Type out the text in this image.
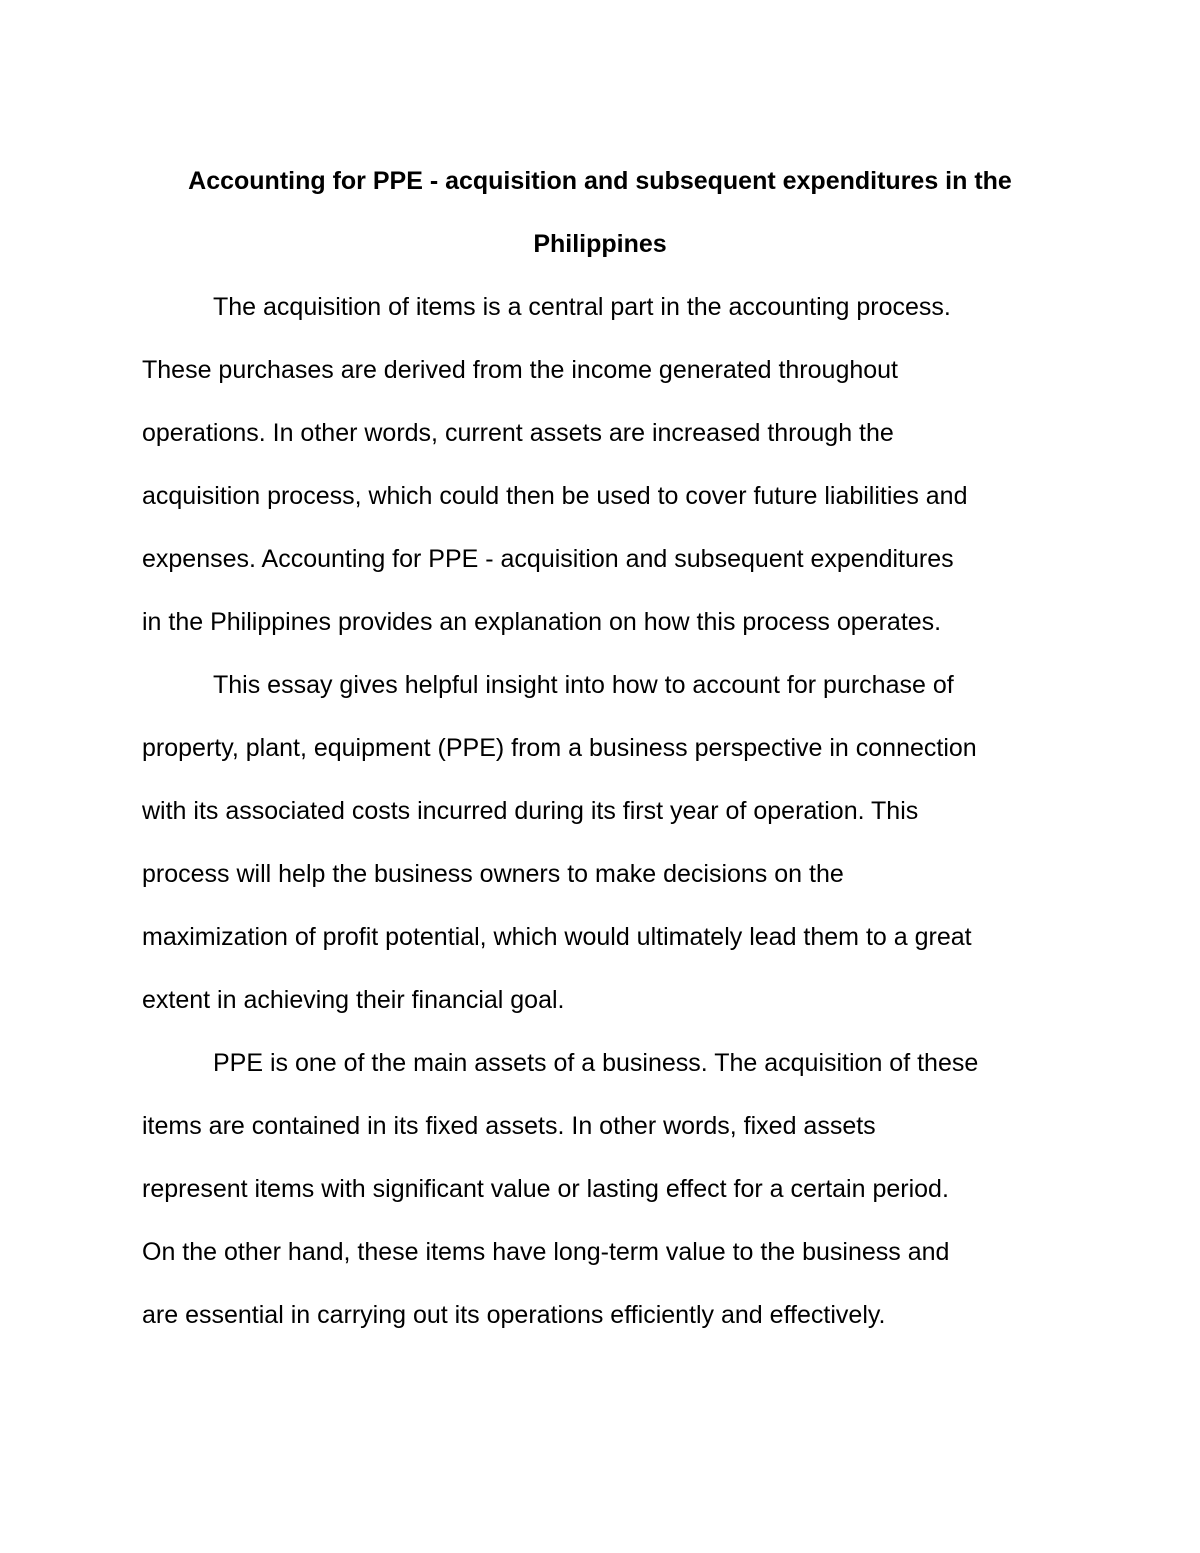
Accounting for PPE - acquisition and subsequent expenditures in the
Philippines

The acquisition of items is a central part in the accounting process.
These purchases are derived from the income generated throughout
operations. In other words, current assets are increased through the
acquisition process, which could then be used to cover future liabilities and
expenses. Accounting for PPE - acquisition and subsequent expenditures
in the Philippines provides an explanation on how this process operates.

This essay gives helpful insight into how to account for purchase of
property, plant, equipment (PPE) from a business perspective in connection
with its associated costs incurred during its first year of operation. This
process will help the business owners to make decisions on the
maximization of profit potential, which would ultimately lead them to a great
extent in achieving their financial goal.

PPE is one of the main assets of a business. The acquisition of these
items are contained in its fixed assets. In other words, fixed assets
represent items with significant value or lasting effect for a certain period.
On the other hand, these items have long-term value to the business and
are essential in carrying out its operations efficiently and effectively.
